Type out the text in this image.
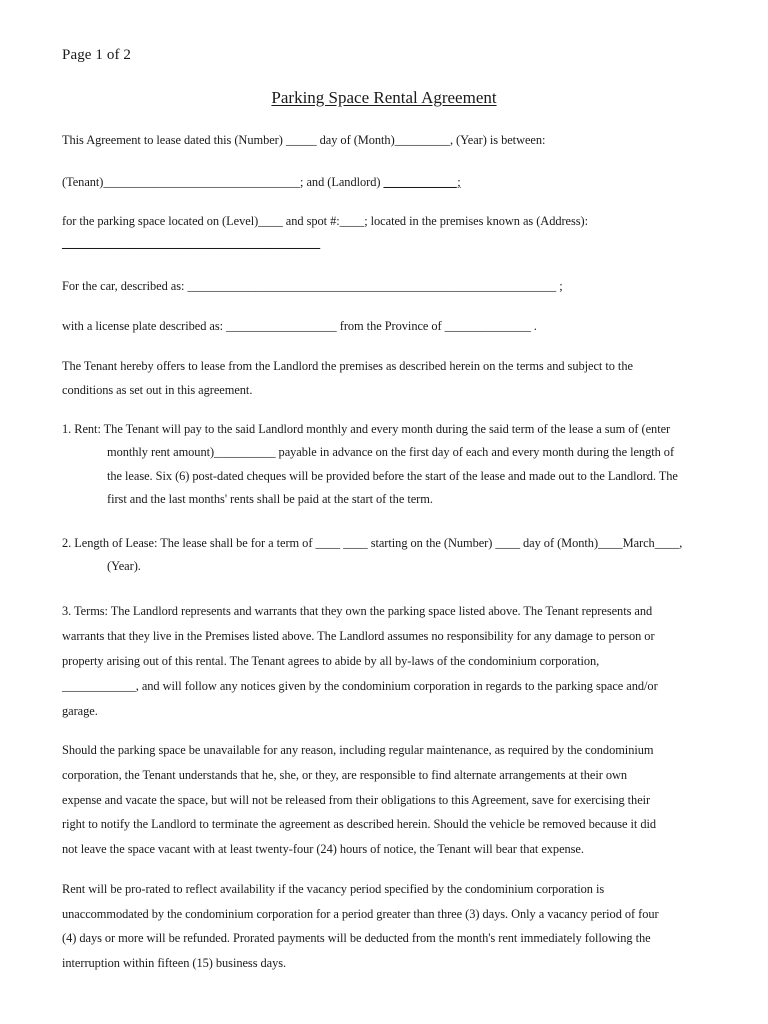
Page 1 of 2
Parking Space Rental Agreement
This Agreement to lease dated this (Number) _____ day of (Month)_________, (Year) is between:
(Tenant)________________________________; and (Landlord) ____________;
for the parking space located on (Level)____ and spot #:____; located in the premises known as (Address):
__________________________________________
For the car, described as: ____________________________________________________________ ;
with a license plate described as: __________________ from the Province of ______________ .
The Tenant hereby offers to lease from the Landlord the premises as described herein on the terms and subject to the
conditions as set out in this agreement.
1. Rent: The Tenant will pay to the said Landlord monthly and every month during the said term of the lease a sum of (enter
monthly rent amount)__________ payable in advance on the first day of each and every month during the length of
the lease. Six (6) post-dated cheques will be provided before the start of the lease and made out to the Landlord. The
first and the last months' rents shall be paid at the start of the term.
2. Length of Lease: The lease shall be for a term of ____ ____ starting on the (Number) ____ day of (Month)____March____,
(Year).
3. Terms: The Landlord represents and warrants that they own the parking space listed above. The Tenant represents and
warrants that they live in the Premises listed above. The Landlord assumes no responsibility for any damage to person or
property arising out of this rental. The Tenant agrees to abide by all by-laws of the condominium corporation,
____________, and will follow any notices given by the condominium corporation in regards to the parking space and/or
garage.
Should the parking space be unavailable for any reason, including regular maintenance, as required by the condominium
corporation, the Tenant understands that he, she, or they, are responsible to find alternate arrangements at their own
expense and vacate the space, but will not be released from their obligations to this Agreement, save for exercising their
right to notify the Landlord to terminate the agreement as described herein. Should the vehicle be removed because it did
not leave the space vacant with at least twenty-four (24) hours of notice, the Tenant will bear that expense.
Rent will be pro-rated to reflect availability if the vacancy period specified by the condominium corporation is
unaccommodated by the condominium corporation for a period greater than three (3) days. Only a vacancy period of four
(4) days or more will be refunded. Prorated payments will be deducted from the month's rent immediately following the
interruption within fifteen (15) business days.
